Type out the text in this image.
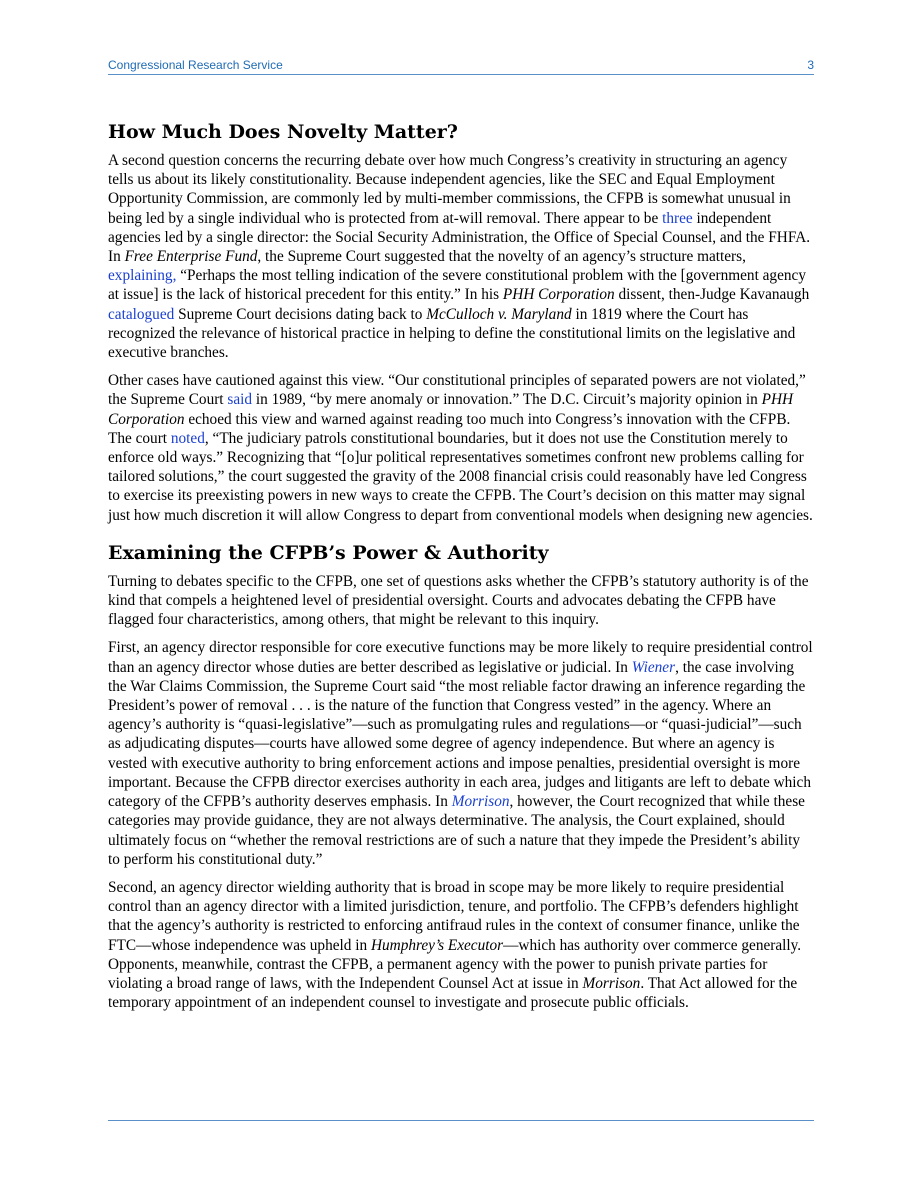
Congressional Research Service	3
How Much Does Novelty Matter?

A second question concerns the recurring debate over how much Congress’s creativity in structuring an agency tells us about its likely constitutionality. Because independent agencies, like the SEC and Equal Employment Opportunity Commission, are commonly led by multi-member commissions, the CFPB is somewhat unusual in being led by a single individual who is protected from at-will removal. There appear to be three independent agencies led by a single director: the Social Security Administration, the Office of Special Counsel, and the FHFA. In Free Enterprise Fund, the Supreme Court suggested that the novelty of an agency’s structure matters, explaining, “Perhaps the most telling indication of the severe constitutional problem with the [government agency at issue] is the lack of historical precedent for this entity.” In his PHH Corporation dissent, then-Judge Kavanaugh catalogued Supreme Court decisions dating back to McCulloch v. Maryland in 1819 where the Court has recognized the relevance of historical practice in helping to define the constitutional limits on the legislative and executive branches.

Other cases have cautioned against this view. “Our constitutional principles of separated powers are not violated,” the Supreme Court said in 1989, “by mere anomaly or innovation.” The D.C. Circuit’s majority opinion in PHH Corporation echoed this view and warned against reading too much into Congress’s innovation with the CFPB. The court noted, “The judiciary patrols constitutional boundaries, but it does not use the Constitution merely to enforce old ways.” Recognizing that “[o]ur political representatives sometimes confront new problems calling for tailored solutions,” the court suggested the gravity of the 2008 financial crisis could reasonably have led Congress to exercise its preexisting powers in new ways to create the CFPB. The Court’s decision on this matter may signal just how much discretion it will allow Congress to depart from conventional models when designing new agencies.

Examining the CFPB’s Power & Authority

Turning to debates specific to the CFPB, one set of questions asks whether the CFPB’s statutory authority is of the kind that compels a heightened level of presidential oversight. Courts and advocates debating the CFPB have flagged four characteristics, among others, that might be relevant to this inquiry.

First, an agency director responsible for core executive functions may be more likely to require presidential control than an agency director whose duties are better described as legislative or judicial. In Wiener, the case involving the War Claims Commission, the Supreme Court said “the most reliable factor drawing an inference regarding the President’s power of removal . . . is the nature of the function that Congress vested” in the agency. Where an agency’s authority is “quasi-legislative”—such as promulgating rules and regulations—or “quasi-judicial”—such as adjudicating disputes—courts have allowed some degree of agency independence. But where an agency is vested with executive authority to bring enforcement actions and impose penalties, presidential oversight is more important. Because the CFPB director exercises authority in each area, judges and litigants are left to debate which category of the CFPB’s authority deserves emphasis. In Morrison, however, the Court recognized that while these categories may provide guidance, they are not always determinative. The analysis, the Court explained, should ultimately focus on “whether the removal restrictions are of such a nature that they impede the President’s ability to perform his constitutional duty.”

Second, an agency director wielding authority that is broad in scope may be more likely to require presidential control than an agency director with a limited jurisdiction, tenure, and portfolio. The CFPB’s defenders highlight that the agency’s authority is restricted to enforcing antifraud rules in the context of consumer finance, unlike the FTC—whose independence was upheld in Humphrey’s Executor—which has authority over commerce generally. Opponents, meanwhile, contrast the CFPB, a permanent agency with the power to punish private parties for violating a broad range of laws, with the Independent Counsel Act at issue in Morrison. That Act allowed for the temporary appointment of an independent counsel to investigate and prosecute public officials.
